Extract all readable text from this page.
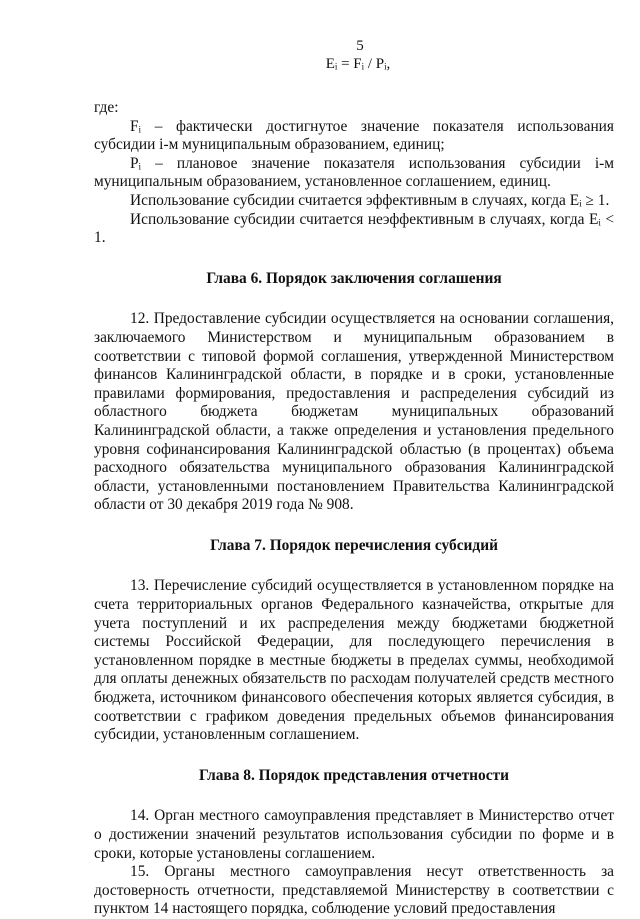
5
Eᵢ = Fᵢ / Pᵢ,

где:

Fᵢ – фактически достигнутое значение показателя использования субсидии i-м муниципальным образованием, единиц;

Pᵢ – плановое значение показателя использования субсидии i-м муниципальным образованием, установленное соглашением, единиц.

Использование субсидии считается эффективным в случаях, когда Eᵢ ≥ 1.

Использование субсидии считается неэффективным в случаях, когда Eᵢ < 1.

Глава 6. Порядок заключения соглашения

12. Предоставление субсидии осуществляется на основании соглашения, заключаемого Министерством и муниципальным образованием в соответствии с типовой формой соглашения, утвержденной Министерством финансов Калининградской области, в порядке и в сроки, установленные правилами формирования, предоставления и распределения субсидий из областного бюджета бюджетам муниципальных образований Калининградской области, а также определения и установления предельного уровня софинансирования Калининградской областью (в процентах) объема расходного обязательства муниципального образования Калининградской области, установленными постановлением Правительства Калининградской области от 30 декабря 2019 года № 908.

Глава 7. Порядок перечисления субсидий

13. Перечисление субсидий осуществляется в установленном порядке на счета территориальных органов Федерального казначейства, открытые для учета поступлений и их распределения между бюджетами бюджетной системы Российской Федерации, для последующего перечисления в установленном порядке в местные бюджеты в пределах суммы, необходимой для оплаты денежных обязательств по расходам получателей средств местного бюджета, источником финансового обеспечения которых является субсидия, в соответствии с графиком доведения предельных объемов финансирования субсидии, установленным соглашением.

Глава 8. Порядок представления отчетности

14. Орган местного самоуправления представляет в Министерство отчет о достижении значений результатов использования субсидии по форме и в сроки, которые установлены соглашением.

15. Органы местного самоуправления несут ответственность за достоверность отчетности, представляемой Министерству в соответствии с пунктом 14 настоящего порядка, соблюдение условий предоставления
